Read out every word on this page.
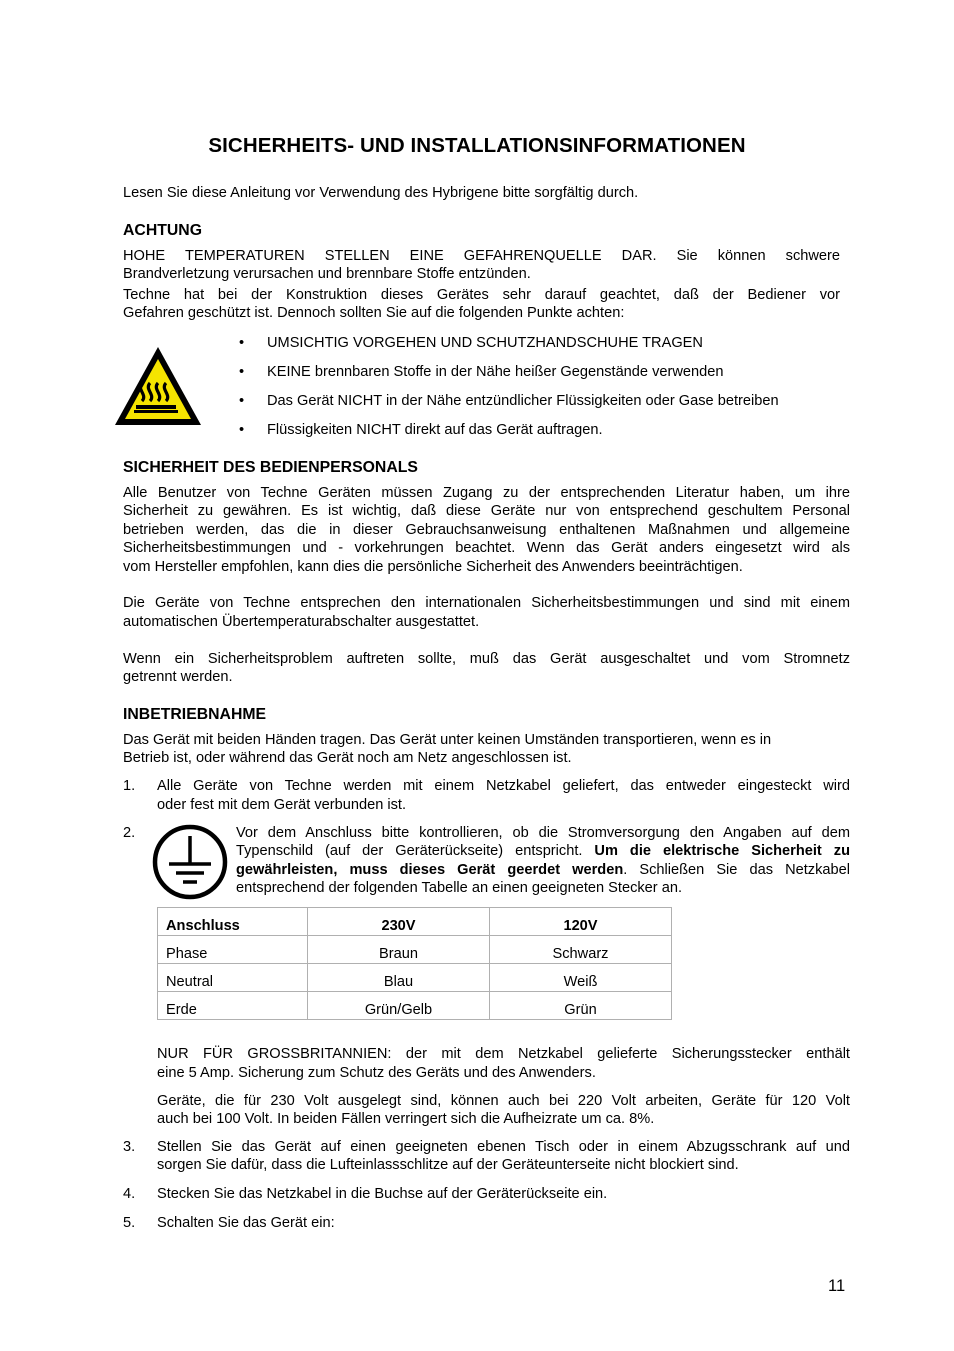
SICHERHEITS- UND INSTALLATIONSINFORMATIONEN
Lesen Sie diese Anleitung vor Verwendung des Hybrigene bitte sorgfältig durch.
ACHTUNG
HOHE TEMPERATUREN STELLEN EINE GEFAHRENQUELLE DAR. Sie können schwere
Brandverletzung verursachen und brennbare Stoffe entzünden.
Techne hat bei der Konstruktion dieses Gerätes sehr darauf geachtet, daß der Bediener vor
Gefahren geschützt ist. Dennoch sollten Sie auf die folgenden Punkte achten:
• UMSICHTIG VORGEHEN UND SCHUTZHANDSCHUHE TRAGEN
• KEINE brennbaren Stoffe in der Nähe heißer Gegenstände verwenden
• Das Gerät NICHT in der Nähe entzündlicher Flüssigkeiten oder Gase betreiben
• Flüssigkeiten NICHT direkt auf das Gerät auftragen.
SICHERHEIT DES BEDIENPERSONALS
Alle Benutzer von Techne Geräten müssen Zugang zu der entsprechenden Literatur haben, um ihre
Sicherheit zu gewähren. Es ist wichtig, daß diese Geräte nur von entsprechend geschultem Personal
betrieben werden, das die in dieser Gebrauchsanweisung enthaltenen Maßnahmen und allgemeine
Sicherheitsbestimmungen und - vorkehrungen beachtet. Wenn das Gerät anders eingesetzt wird als
vom Hersteller empfohlen, kann dies die persönliche Sicherheit des Anwenders beeinträchtigen.
Die Geräte von Techne entsprechen den internationalen Sicherheitsbestimmungen und sind mit einem
automatischen Übertemperaturabschalter ausgestattet.
Wenn ein Sicherheitsproblem auftreten sollte, muß das Gerät ausgeschaltet und vom Stromnetz
getrennt werden.
INBETRIEBNAHME
Das Gerät mit beiden Händen tragen. Das Gerät unter keinen Umständen transportieren, wenn es in
Betrieb ist, oder während das Gerät noch am Netz angeschlossen ist.
1. Alle Geräte von Techne werden mit einem Netzkabel geliefert, das entweder eingesteckt wird
oder fest mit dem Gerät verbunden ist.
2.	Vor dem Anschluss bitte kontrollieren, ob die Stromversorgung den Angaben auf dem
Typenschild (auf der Geräterückseite) entspricht. Um die elektrische Sicherheit zu
gewährleisten, muss dieses Gerät geerdet werden. Schließen Sie das Netzkabel
entsprechend der folgenden Tabelle an einen geeigneten Stecker an.
Anschluss	230V	120V
Phase	Braun	Schwarz
Neutral	Blau	Weiß
Erde	Grün/Gelb	Grün
NUR FÜR GROSSBRITANNIEN: der mit dem Netzkabel gelieferte Sicherungsstecker enthält
eine 5 Amp. Sicherung zum Schutz des Geräts und des Anwenders.
Geräte, die für 230 Volt ausgelegt sind, können auch bei 220 Volt arbeiten, Geräte für 120 Volt
auch bei 100 Volt. In beiden Fällen verringert sich die Aufheizrate um ca. 8%.
3. Stellen Sie das Gerät auf einen geeigneten ebenen Tisch oder in einem Abzugsschrank auf und
sorgen Sie dafür, dass die Lufteinlassschlitze auf der Geräteunterseite nicht blockiert sind.
4. Stecken Sie das Netzkabel in die Buchse auf der Geräterückseite ein.
5. Schalten Sie das Gerät ein:
11
